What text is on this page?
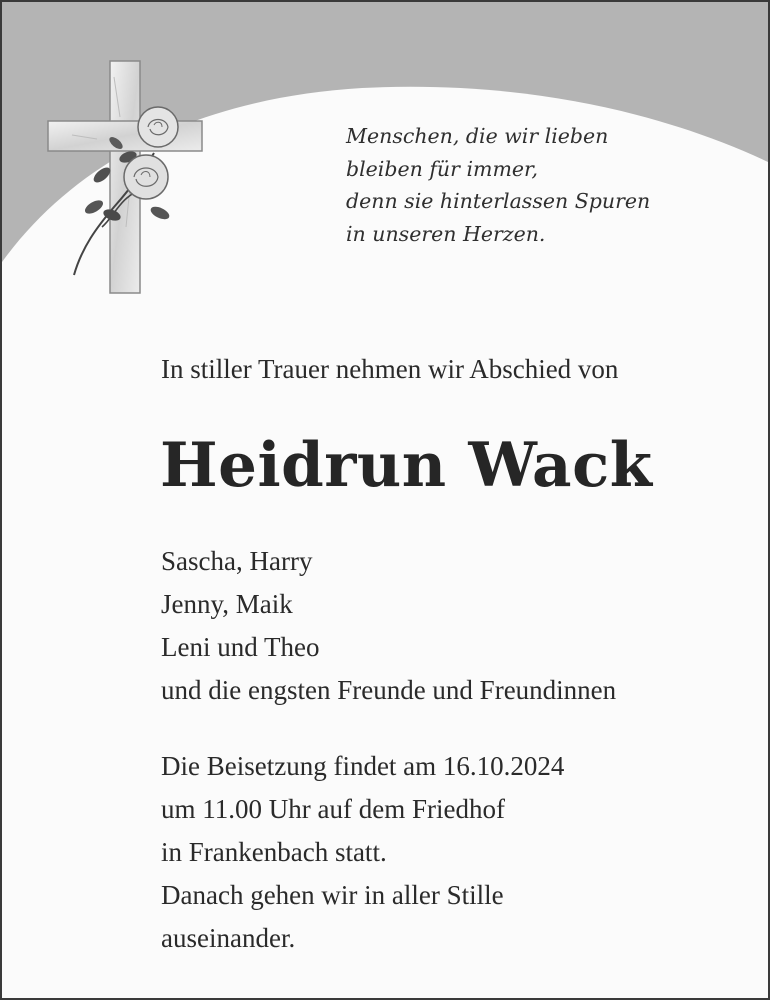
Menschen, die wir lieben
bleiben für immer,
denn sie hinterlassen Spuren
in unseren Herzen.
In stiller Trauer nehmen wir Abschied von
Heidrun Wack
Sascha, Harry
Jenny, Maik
Leni und Theo
und die engsten Freunde und Freundinnen
Die Beisetzung findet am 16.10.2024
um 11.00 Uhr auf dem Friedhof
in Frankenbach statt.
Danach gehen wir in aller Stille
auseinander.
